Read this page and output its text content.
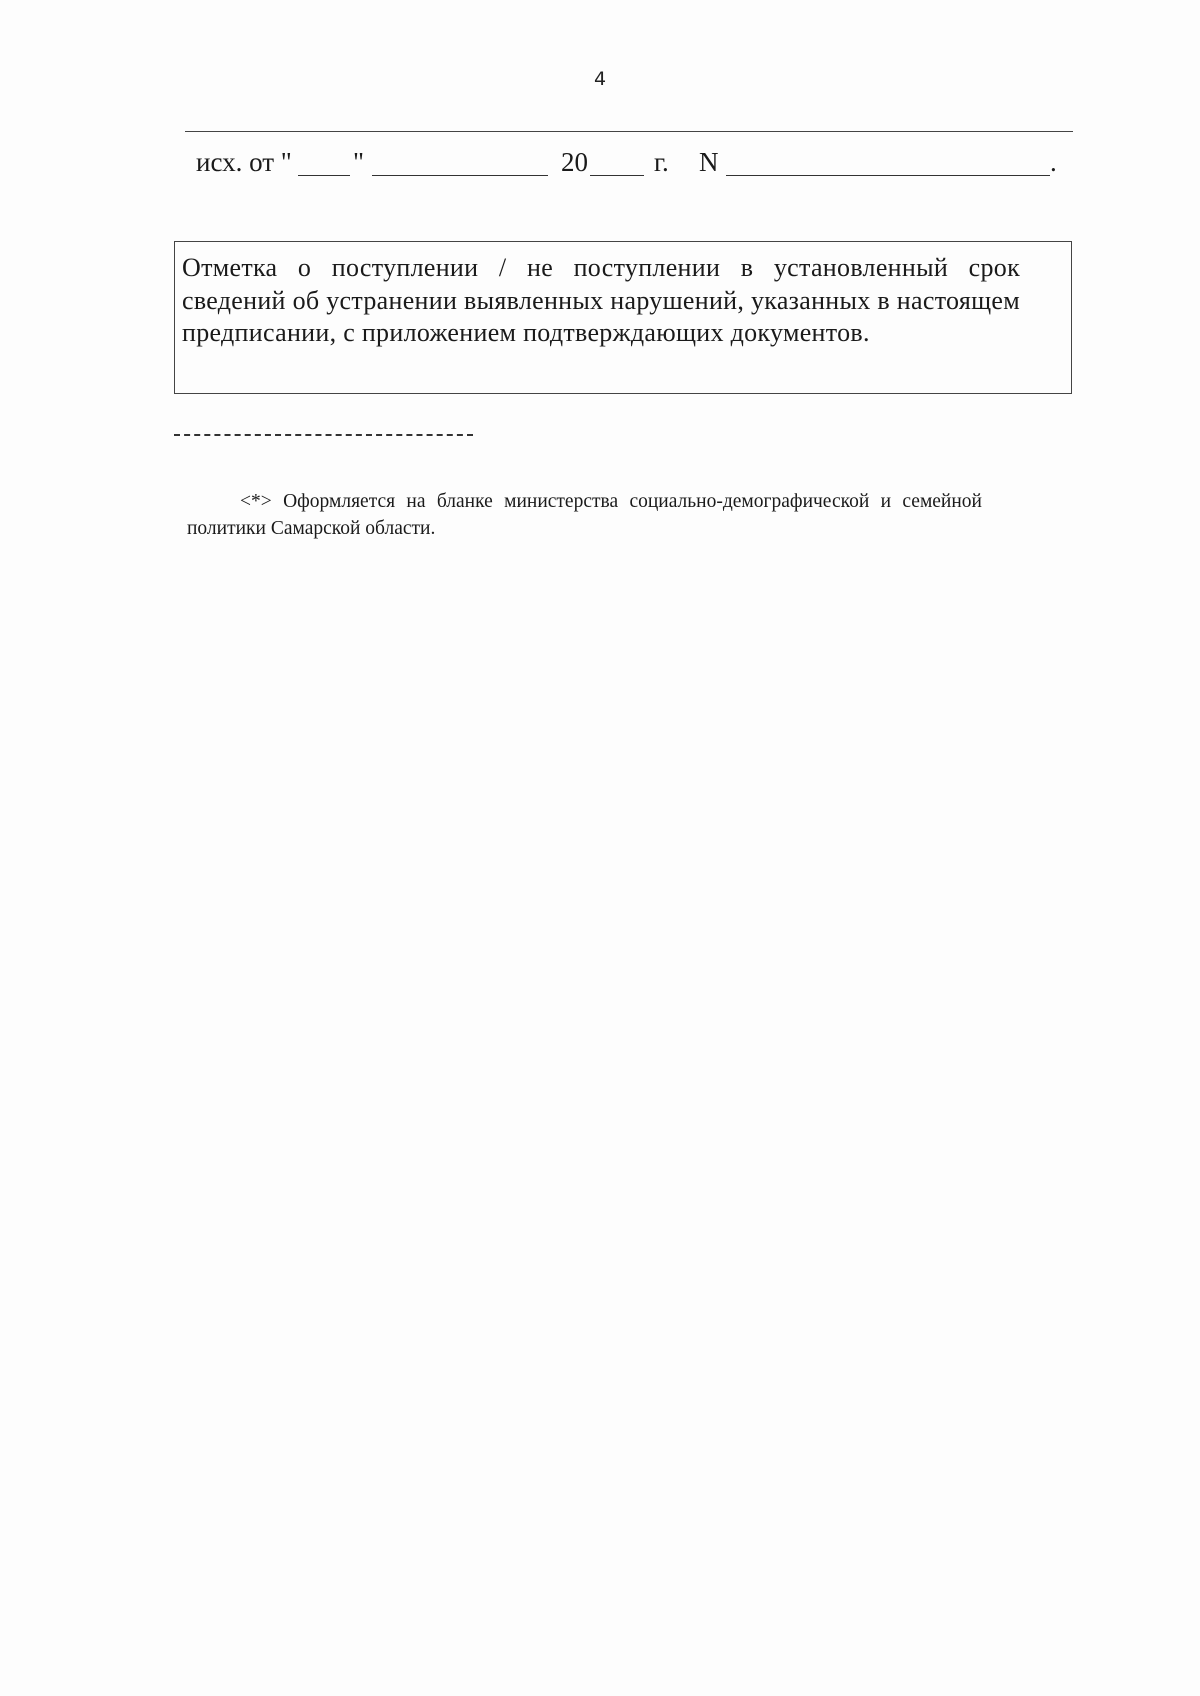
4
исх. от " "	20 г. N	.

Отметка о поступлении / не поступлении в установленный срок сведений об устранении выявленных нарушений, указанных в настоящем предписании, с приложением подтверждающих документов.

<*> Оформляется на бланке министерства социально-демографической и семейной политики Самарской области.
